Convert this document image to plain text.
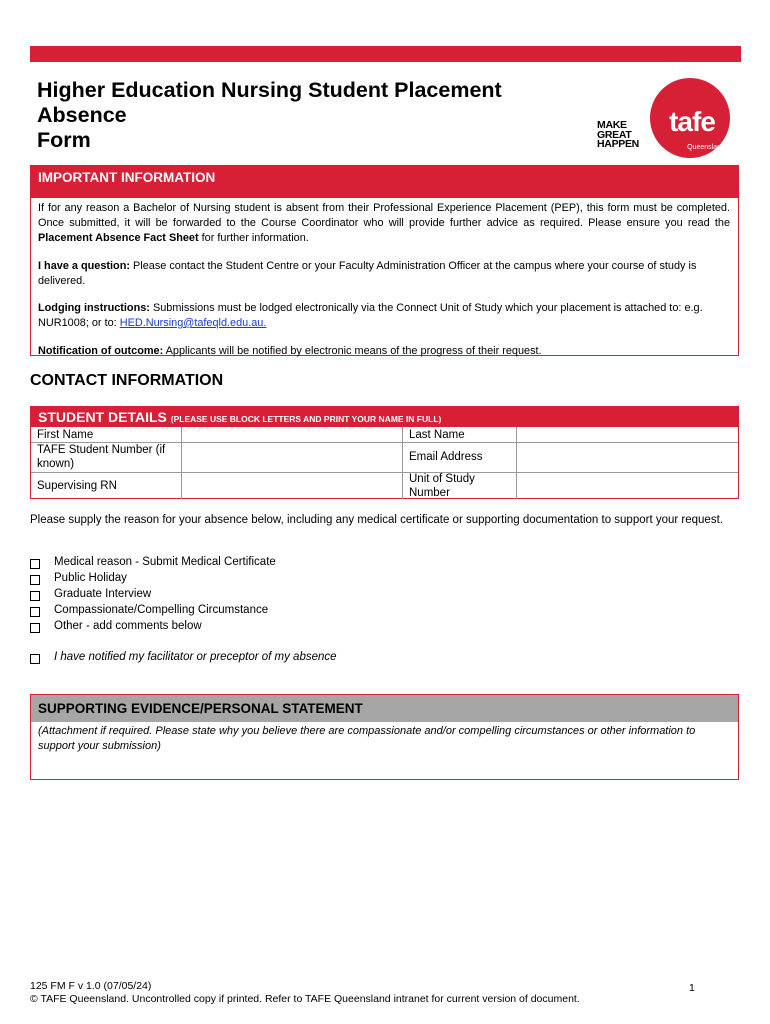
Higher Education Nursing Student Placement
Absence
Form
MAKE
GREAT
HAPPEN
tafe
Queensland
IMPORTANT INFORMATION

If for any reason a Bachelor of Nursing student is absent from their Professional Experience Placement (PEP), this form must be completed. Once submitted, it will be forwarded to the Course Coordinator who will provide further advice as required. Please ensure you read the Placement Absence Fact Sheet for further information.

I have a question: Please contact the Student Centre or your Faculty Administration Officer at the campus where your course of study is delivered.

Lodging instructions: Submissions must be lodged electronically via the Connect Unit of Study which your placement is attached to: e.g. NUR1008; or to: HED.Nursing@tafeqld.edu.au.

Notification of outcome: Applicants will be notified by electronic means of the progress of their request.

CONTACT INFORMATION
STUDENT DETAILS (PLEASE USE BLOCK LETTERS AND PRINT YOUR NAME IN FULL)
First Name	Last Name
TAFE Student Number (if known)
Email Address
Supervising RN
Unit of Study Number
Please supply the reason for your absence below, including any medical certificate or supporting documentation to support your request.
Medical reason - Submit Medical Certificate
Public Holiday
Graduate Interview
Compassionate/Compelling Circumstance
Other - add comments below
I have notified my facilitator or preceptor of my absence
SUPPORTING EVIDENCE/PERSONAL STATEMENT
(Attachment if required. Please state why you believe there are compassionate and/or compelling circumstances or other information to support your submission)
125 FM F v 1.0 (07/05/24)
© TAFE Queensland. Uncontrolled copy if printed. Refer to TAFE Queensland intranet for current version of document.
1
